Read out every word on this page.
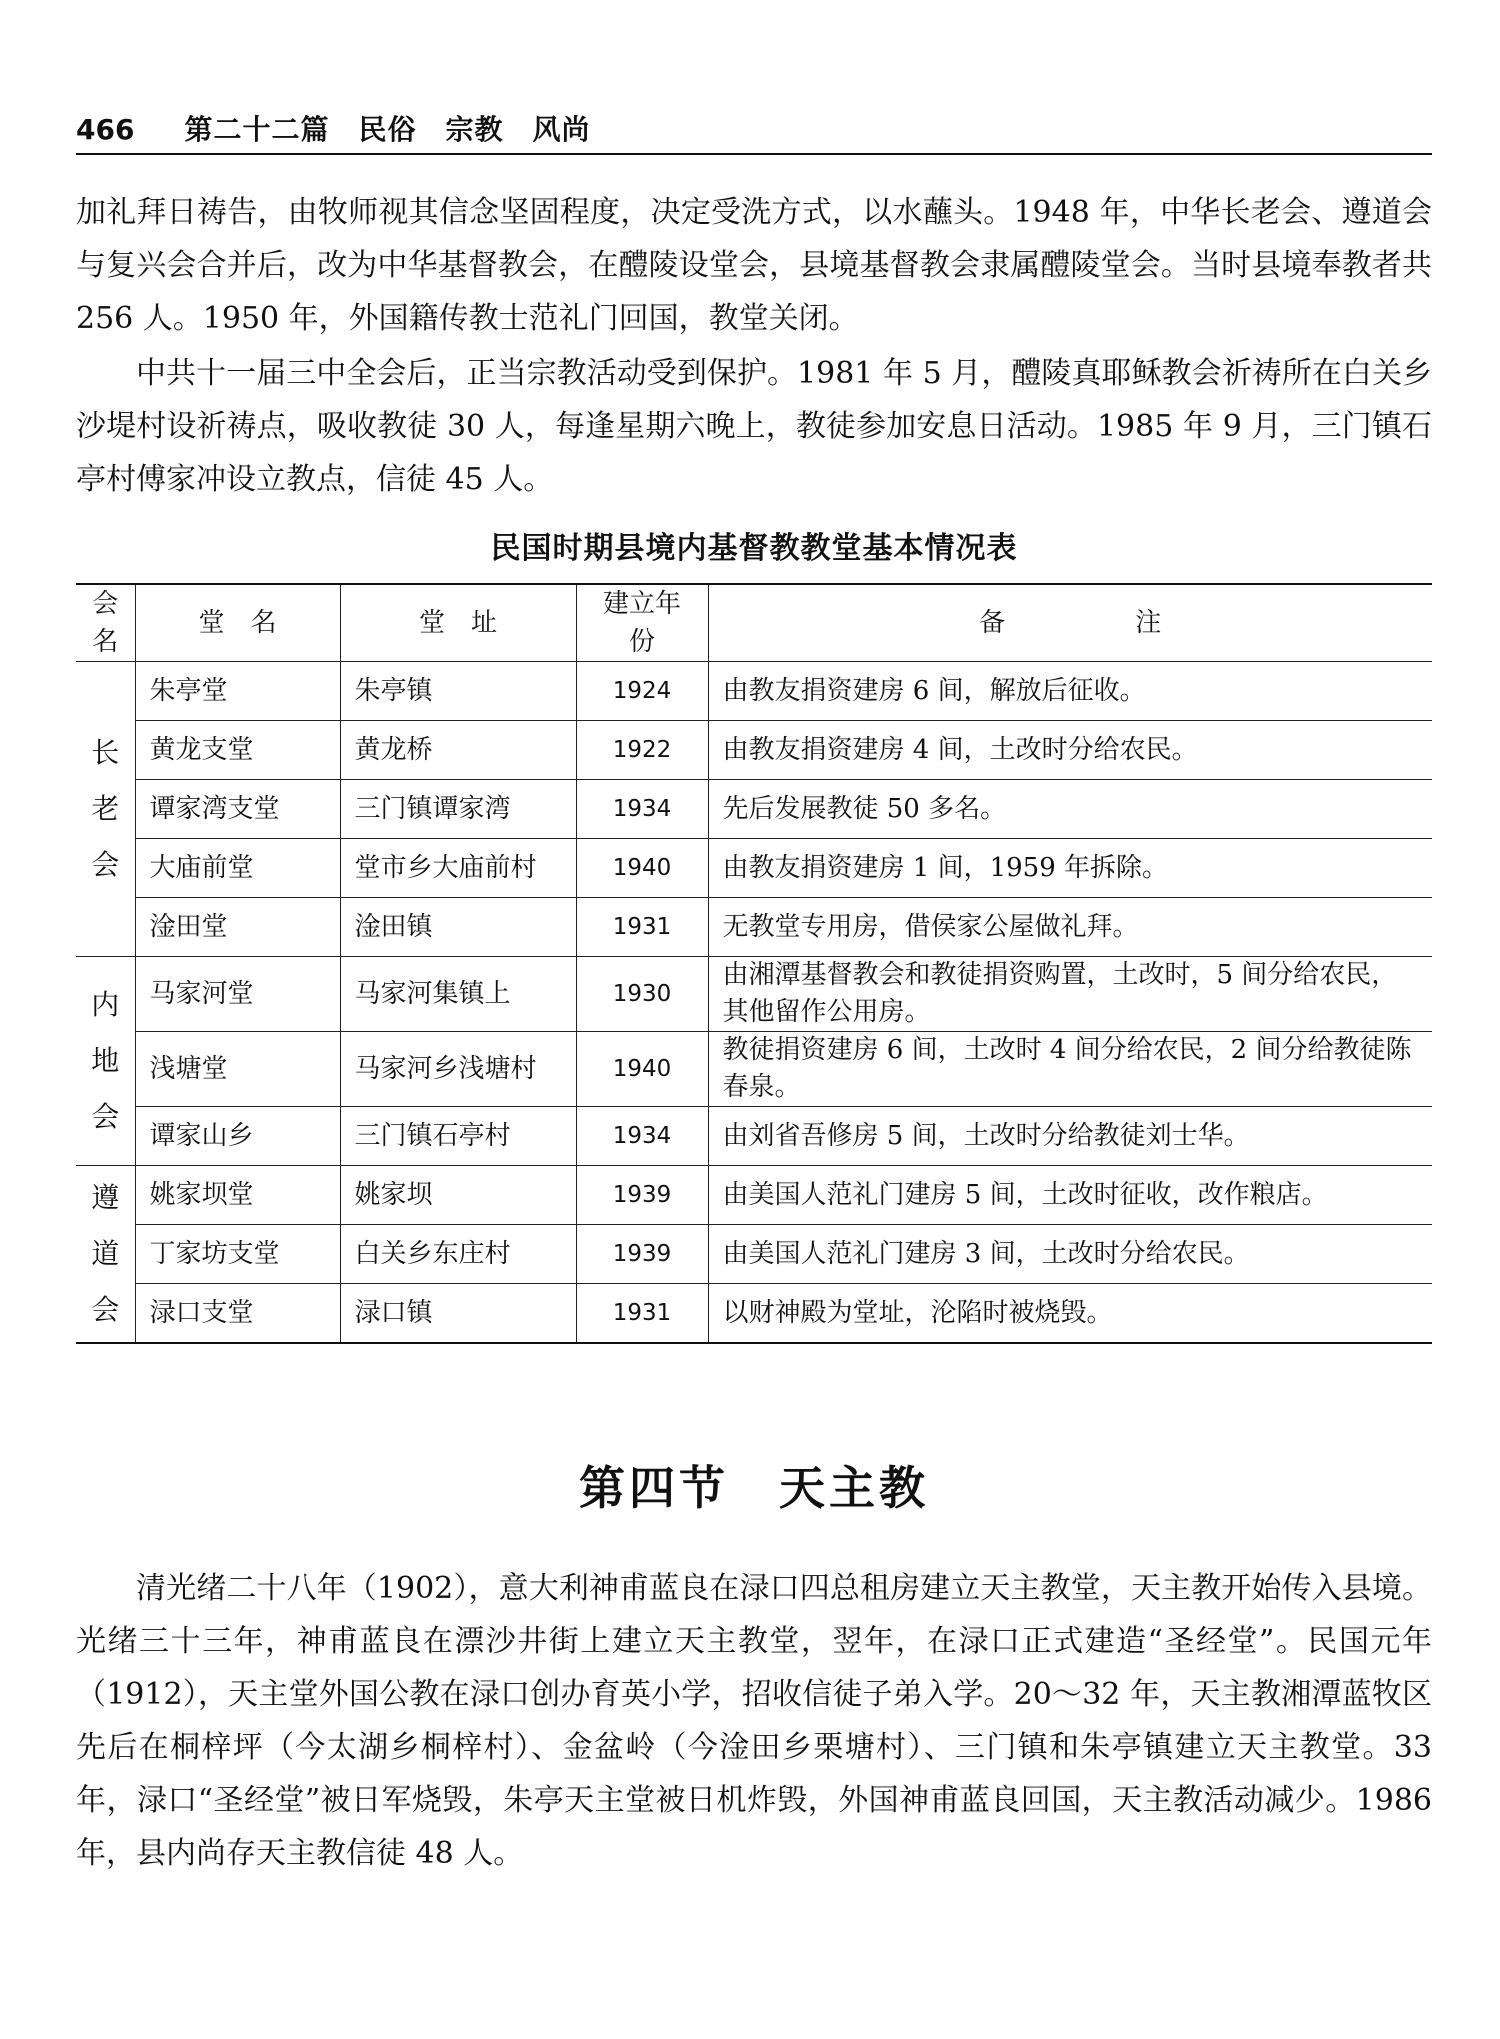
466 第二十二篇　民俗　宗教　风尚

加礼拜日祷告，由牧师视其信念坚固程度，决定受洗方式，以水蘸头。1948 年，中华长老会、遵道会与复兴会合并后，改为中华基督教会，在醴陵设堂会，县境基督教会隶属醴陵堂会。当时县境奉教者共 256 人。1950 年，外国籍传教士范礼门回国，教堂关闭。

中共十一届三中全会后，正当宗教活动受到保护。1981 年 5 月，醴陵真耶稣教会祈祷所在白关乡沙堤村设祈祷点，吸收教徒 30 人，每逢星期六晚上，教徒参加安息日活动。1985 年 9 月，三门镇石亭村傅家冲设立教点，信徒 45 人。

民国时期县境内基督教教堂基本情况表
会名	堂　名	堂　址	建立年份	备　　　　　注
长老会	朱亭堂	朱亭镇	1924	由教友捐资建房 6 间，解放后征收。
	黄龙支堂	黄龙桥	1922	由教友捐资建房 4 间，土改时分给农民。
	谭家湾支堂	三门镇谭家湾	1934	先后发展教徒 50 多名。
	大庙前堂	堂市乡大庙前村	1940	由教友捐资建房 1 间，1959 年拆除。
	淦田堂	淦田镇	1931	无教堂专用房，借侯家公屋做礼拜。
内地会	马家河堂	马家河集镇上	1930	由湘潭基督教会和教徒捐资购置，土改时，5 间分给农民，其他留作公用房。
	浅塘堂	马家河乡浅塘村	1940	教徒捐资建房 6 间，土改时 4 间分给农民，2 间分给教徒陈春泉。
	谭家山乡	三门镇石亭村	1934	由刘省吾修房 5 间，土改时分给教徒刘士华。
遵道会	姚家坝堂	姚家坝	1939	由美国人范礼门建房 5 间，土改时征收，改作粮店。
	丁家坊支堂	白关乡东庄村	1939	由美国人范礼门建房 3 间，土改时分给农民。
	渌口支堂	渌口镇	1931	以财神殿为堂址，沦陷时被烧毁。
第四节　天主教

清光绪二十八年（1902），意大利神甫蓝良在渌口四总租房建立天主教堂，天主教开始传入县境。光绪三十三年，神甫蓝良在漂沙井街上建立天主教堂，翌年，在渌口正式建造“圣经堂”。民国元年（1912），天主堂外国公教在渌口创办育英小学，招收信徒子弟入学。20～32 年，天主教湘潭蓝牧区先后在桐梓坪（今太湖乡桐梓村）、金盆岭（今淦田乡栗塘村）、三门镇和朱亭镇建立天主教堂。33 年，渌口“圣经堂”被日军烧毁，朱亭天主堂被日机炸毁，外国神甫蓝良回国，天主教活动减少。1986 年，县内尚存天主教信徒 48 人。
